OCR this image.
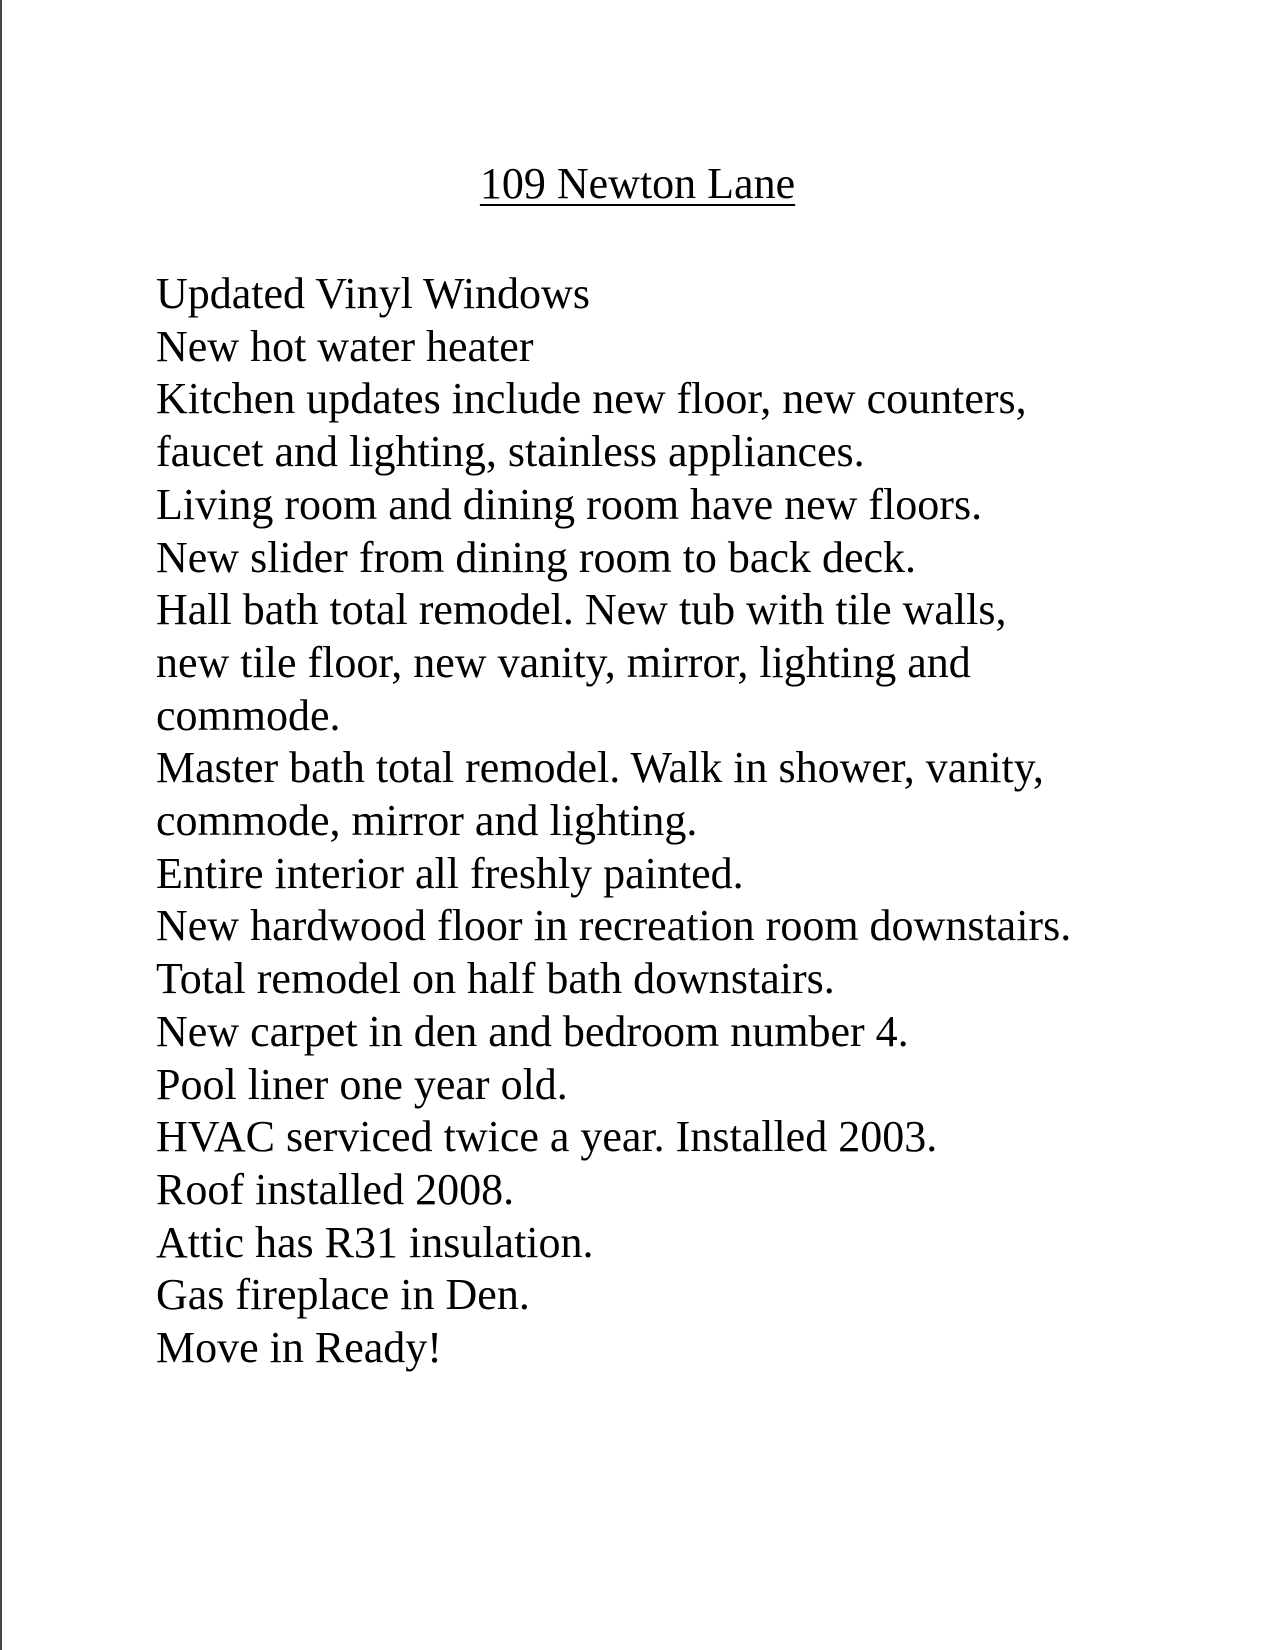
109 Newton Lane
Updated Vinyl Windows
New hot water heater
Kitchen updates include new floor, new counters,
faucet and lighting, stainless appliances.
Living room and dining room have new floors.
New slider from dining room to back deck.
Hall bath total remodel. New tub with tile walls,
new tile floor, new vanity, mirror, lighting and
commode.
Master bath total remodel. Walk in shower, vanity,
commode, mirror and lighting.
Entire interior all freshly painted.
New hardwood floor in recreation room downstairs.
Total remodel on half bath downstairs.
New carpet in den and bedroom number 4.
Pool liner one year old.
HVAC serviced twice a year. Installed 2003.
Roof installed 2008.
Attic has R31 insulation.
Gas fireplace in Den.
Move in Ready!
